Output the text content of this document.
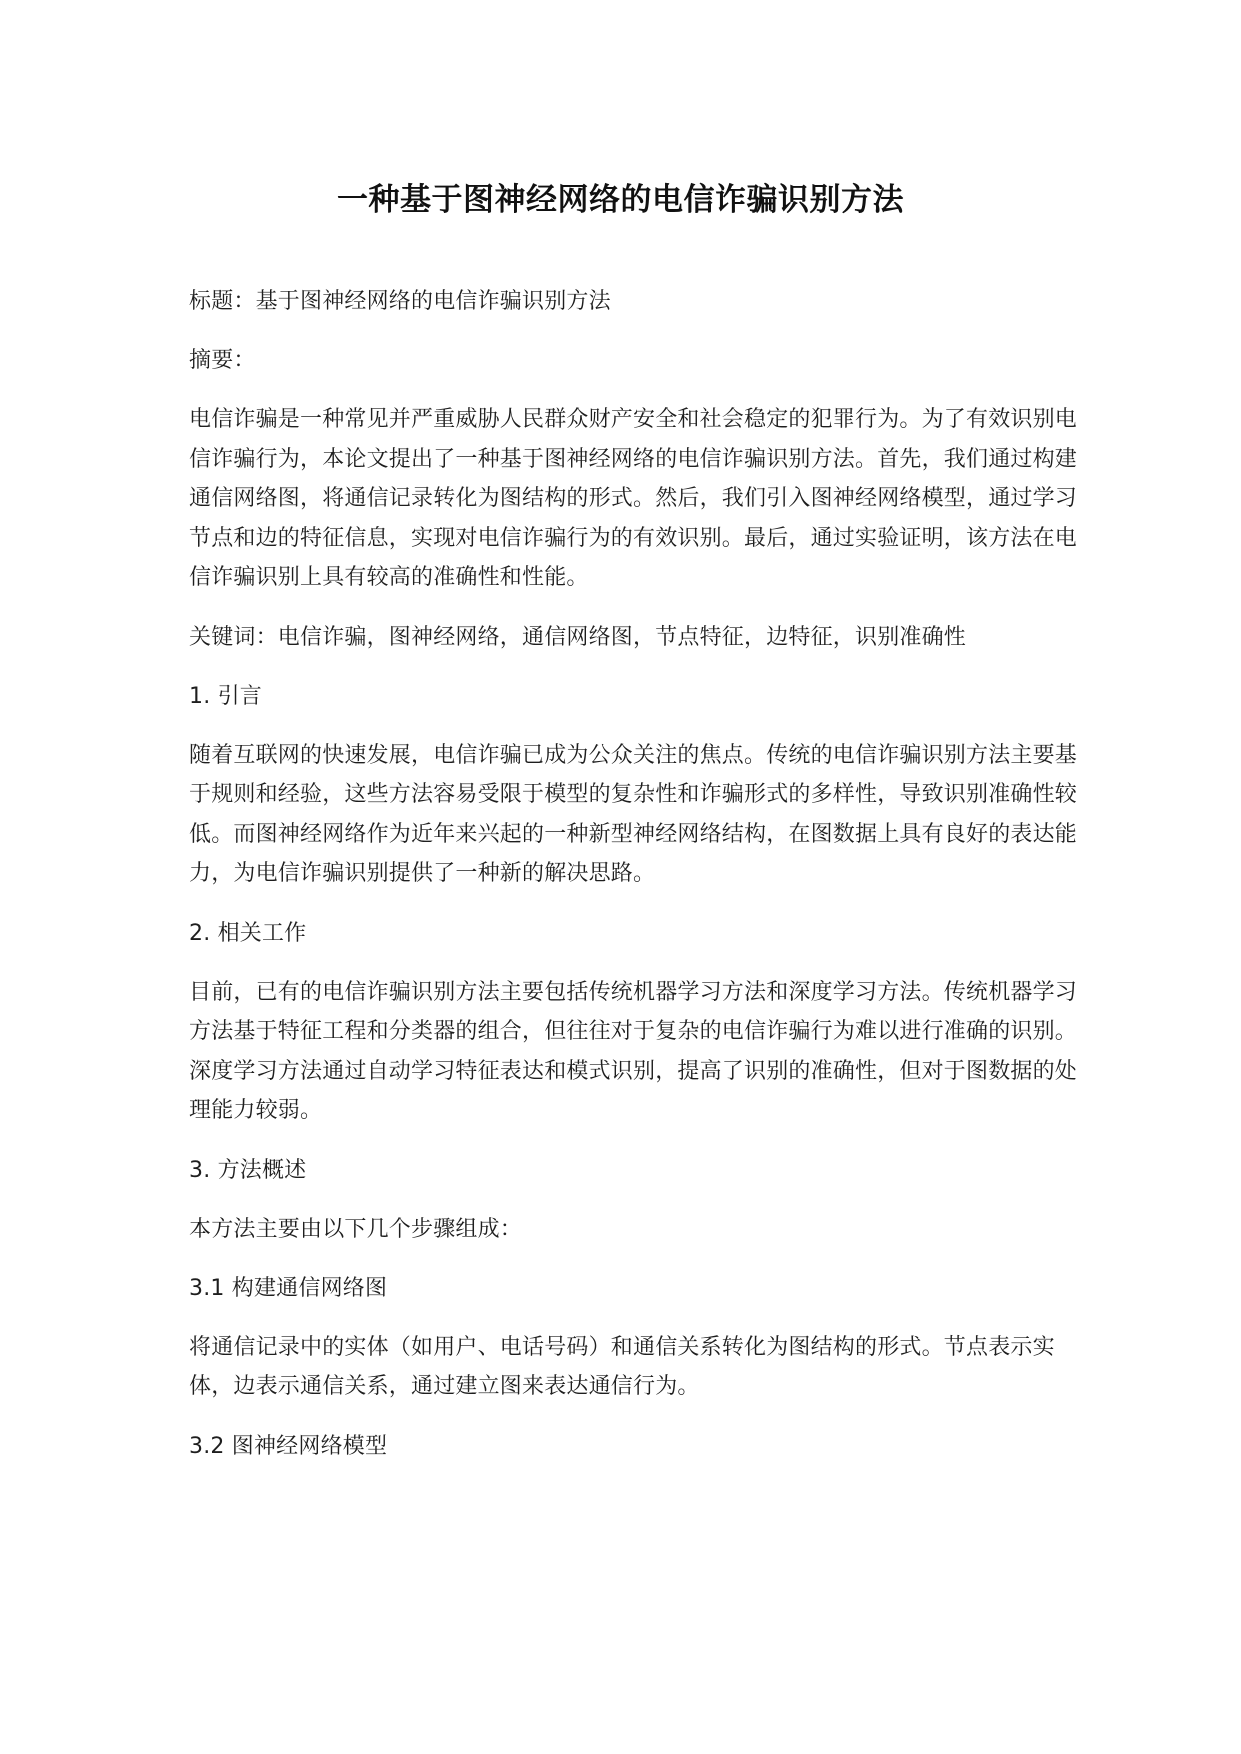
一种基于图神经网络的电信诈骗识别方法

标题：基于图神经网络的电信诈骗识别方法

摘要：

电信诈骗是一种常见并严重威胁人民群众财产安全和社会稳定的犯罪行为。为了有效识别电信诈骗行为，本论文提出了一种基于图神经网络的电信诈骗识别方法。首先，我们通过构建通信网络图，将通信记录转化为图结构的形式。然后，我们引入图神经网络模型，通过学习节点和边的特征信息，实现对电信诈骗行为的有效识别。最后，通过实验证明，该方法在电信诈骗识别上具有较高的准确性和性能。

关键词：电信诈骗，图神经网络，通信网络图，节点特征，边特征，识别准确性

1. 引言

随着互联网的快速发展，电信诈骗已成为公众关注的焦点。传统的电信诈骗识别方法主要基于规则和经验，这些方法容易受限于模型的复杂性和诈骗形式的多样性，导致识别准确性较低。而图神经网络作为近年来兴起的一种新型神经网络结构，在图数据上具有良好的表达能力，为电信诈骗识别提供了一种新的解决思路。

2. 相关工作

目前，已有的电信诈骗识别方法主要包括传统机器学习方法和深度学习方法。传统机器学习方法基于特征工程和分类器的组合，但往往对于复杂的电信诈骗行为难以进行准确的识别。深度学习方法通过自动学习特征表达和模式识别，提高了识别的准确性，但对于图数据的处理能力较弱。

3. 方法概述

本方法主要由以下几个步骤组成：

3.1 构建通信网络图

将通信记录中的实体（如用户、电话号码）和通信关系转化为图结构的形式。节点表示实体，边表示通信关系，通过建立图来表达通信行为。

3.2 图神经网络模型
